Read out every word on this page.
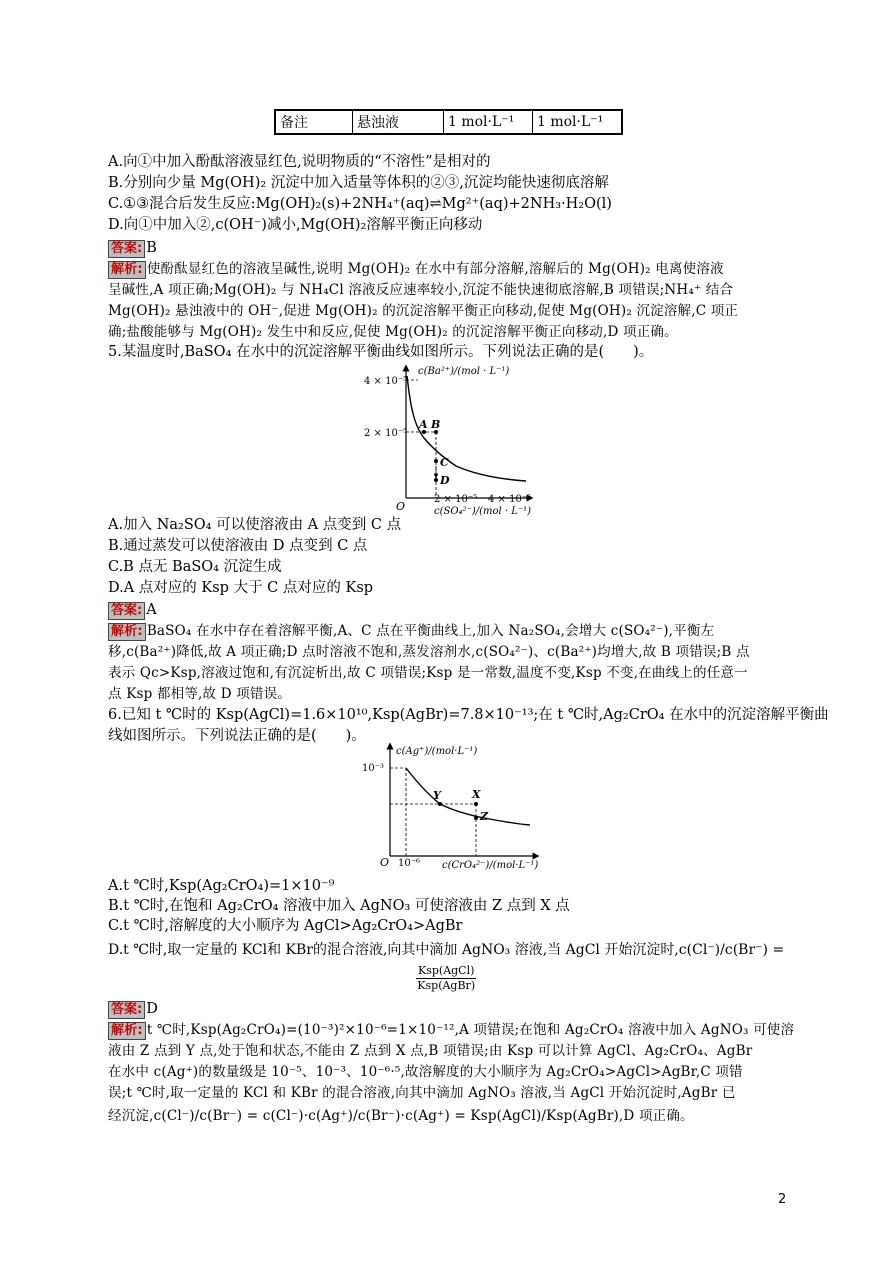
备注	悬浊液	1 mol·L⁻¹	1 mol·L⁻¹
A.向①中加入酚酞溶液显红色,说明物质的“不溶性”是相对的
B.分别向少量 Mg(OH)₂ 沉淀中加入适量等体积的②③,沉淀均能快速彻底溶解
C.①③混合后发生反应:Mg(OH)₂(s)+2NH₄⁺(aq)⇌Mg²⁺(aq)+2NH₃·H₂O(l)
D.向①中加入②,c(OH⁻)减小,Mg(OH)₂溶解平衡正向移动
答案: B
解析: 使酚酞显红色的溶液呈碱性,说明 Mg(OH)₂ 在水中有部分溶解,溶解后的 Mg(OH)₂ 电离使溶液
呈碱性,A 项正确;Mg(OH)₂ 与 NH₄Cl 溶液反应速率较小,沉淀不能快速彻底溶解,B 项错误;NH₄⁺ 结合
Mg(OH)₂ 悬浊液中的 OH⁻,促进 Mg(OH)₂ 的沉淀溶解平衡正向移动,促使 Mg(OH)₂ 沉淀溶解,C 项正
确;盐酸能够与 Mg(OH)₂ 发生中和反应,促使 Mg(OH)₂ 的沉淀溶解平衡正向移动,D 项正确。
5.某温度时,BaSO₄ 在水中的沉淀溶解平衡曲线如图所示。下列说法正确的是(　　)。
c(Ba²⁺)/(mol · L⁻¹)
4 × 10⁻⁵
2 × 10⁻⁵
O
2 × 10⁻⁵ 4 × 10⁻⁵
c(SO₄²⁻)/(mol · L⁻¹)
A B
C
D
A.加入 Na₂SO₄ 可以使溶液由 A 点变到 C 点
B.通过蒸发可以使溶液由 D 点变到 C 点
C.B 点无 BaSO₄ 沉淀生成
D.A 点对应的 Ksp 大于 C 点对应的 Ksp
答案: A
解析: BaSO₄ 在水中存在着溶解平衡,A、C 点在平衡曲线上,加入 Na₂SO₄,会增大 c(SO₄²⁻),平衡左
移,c(Ba²⁺)降低,故 A 项正确;D 点时溶液不饱和,蒸发溶剂水,c(SO₄²⁻)、c(Ba²⁺)均增大,故 B 项错误;B 点
表示 Qc>Ksp,溶液过饱和,有沉淀析出,故 C 项错误;Ksp 是一常数,温度不变,Ksp 不变,在曲线上的任意一
点 Ksp 都相等,故 D 项错误。
6.已知 t ℃时的 Ksp(AgCl)=1.6×10¹⁰,Ksp(AgBr)=7.8×10⁻¹³;在 t ℃时,Ag₂CrO₄ 在水中的沉淀溶解平衡曲
线如图所示。下列说法正确的是(　　)。
c(Ag⁺)/(mol·L⁻¹)
10⁻³
O 10⁻⁶ c(CrO₄²⁻)/(mol·L⁻¹)
X
Y
Z
A.t ℃时,Ksp(Ag₂CrO₄)=1×10⁻⁹
B.t ℃时,在饱和 Ag₂CrO₄ 溶液中加入 AgNO₃ 可使溶液由 Z 点到 X 点
C.t ℃时,溶解度的大小顺序为 AgCl>Ag₂CrO₄>AgBr
D.t ℃时,取一定量的 KCl和 KBr的混合溶液,向其中滴加 AgNO₃ 溶液,当 AgCl 开始沉淀时,c(Cl⁻)/c(Br⁻) =
Ksp(AgCl)
Ksp(AgBr)
答案: D
解析: t ℃时,Ksp(Ag₂CrO₄)=(10⁻³)²×10⁻⁶=1×10⁻¹²,A 项错误;在饱和 Ag₂CrO₄ 溶液中加入 AgNO₃ 可使溶
液由 Z 点到 Y 点,处于饱和状态,不能由 Z 点到 X 点,B 项错误;由 Ksp 可以计算 AgCl、Ag₂CrO₄、AgBr
在水中 c(Ag⁺)的数量级是 10⁻⁵、10⁻³、10⁻⁶·⁵,故溶解度的大小顺序为 Ag₂CrO₄>AgCl>AgBr,C 项错
误;t ℃时,取一定量的 KCl 和 KBr 的混合溶液,向其中滴加 AgNO₃ 溶液,当 AgCl 开始沉淀时,AgBr 已
经沉淀,c(Cl⁻)/c(Br⁻) = c(Cl⁻)·c(Ag⁺)/c(Br⁻)·c(Ag⁺) = Ksp(AgCl)/Ksp(AgBr),D 项正确。
2
